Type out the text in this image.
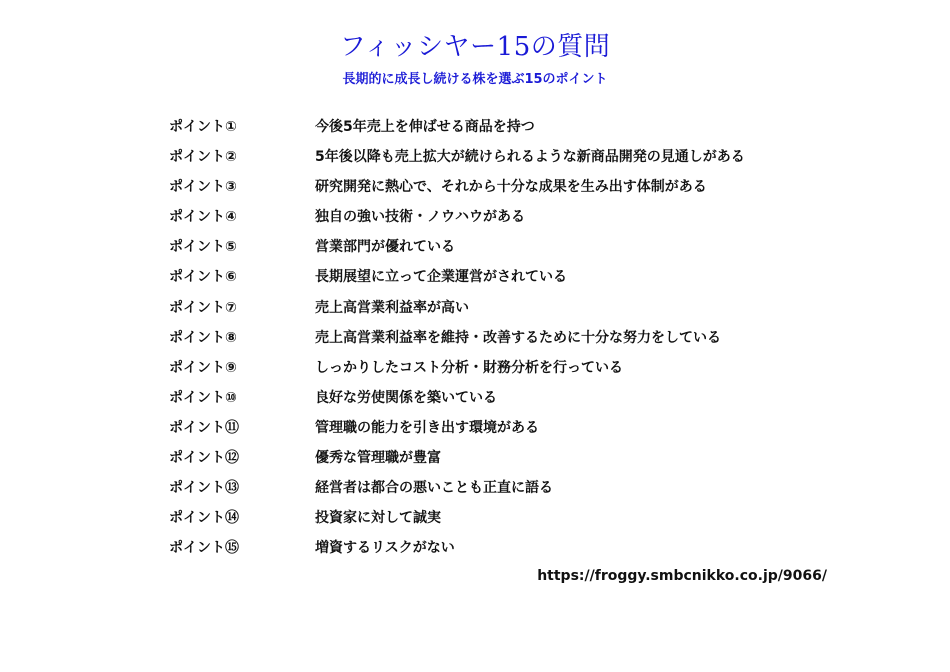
フィッシヤー15の質問
長期的に成長し続ける株を選ぶ15のポイント
ポイント①	今後5年売上を伸ばせる商品を持つ
ポイント②	5年後以降も売上拡大が続けられるような新商品開発の見通しがある
ポイント③	研究開発に熱心で、それから十分な成果を生み出す体制がある
ポイント④	独自の強い技術・ノウハウがある
ポイント⑤	営業部門が優れている
ポイント⑥	長期展望に立って企業運営がされている
ポイント⑦	売上高営業利益率が高い
ポイント⑧	売上高営業利益率を維持・改善するために十分な努力をしている
ポイント⑨	しっかりしたコスト分析・財務分析を行っている
ポイント⑩	良好な労使関係を築いている
ポイント⑪	管理職の能力を引き出す環境がある
ポイント⑫	優秀な管理職が豊富
ポイント⑬	経営者は都合の悪いことも正直に語る
ポイント⑭	投資家に対して誠実
ポイント⑮	増資するリスクがない
https://froggy.smbcnikko.co.jp/9066/
